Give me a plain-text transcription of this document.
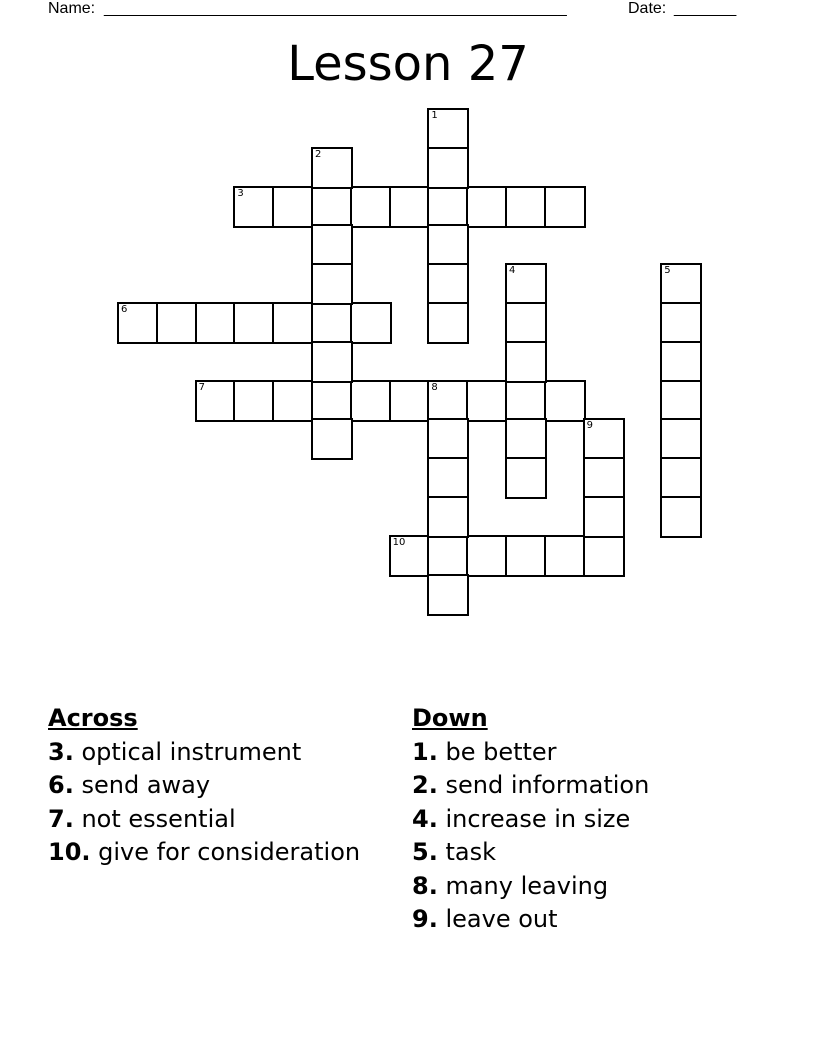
Name: ____________________________________________________	Date: _______
Lesson 27
3
6
7	8
10
1
2
4	5
9
Across
3. optical instrument
6. send away
7. not essential
10. give for consideration
Down
1. be better
2. send information
4. increase in size
5. task
8. many leaving
9. leave out
